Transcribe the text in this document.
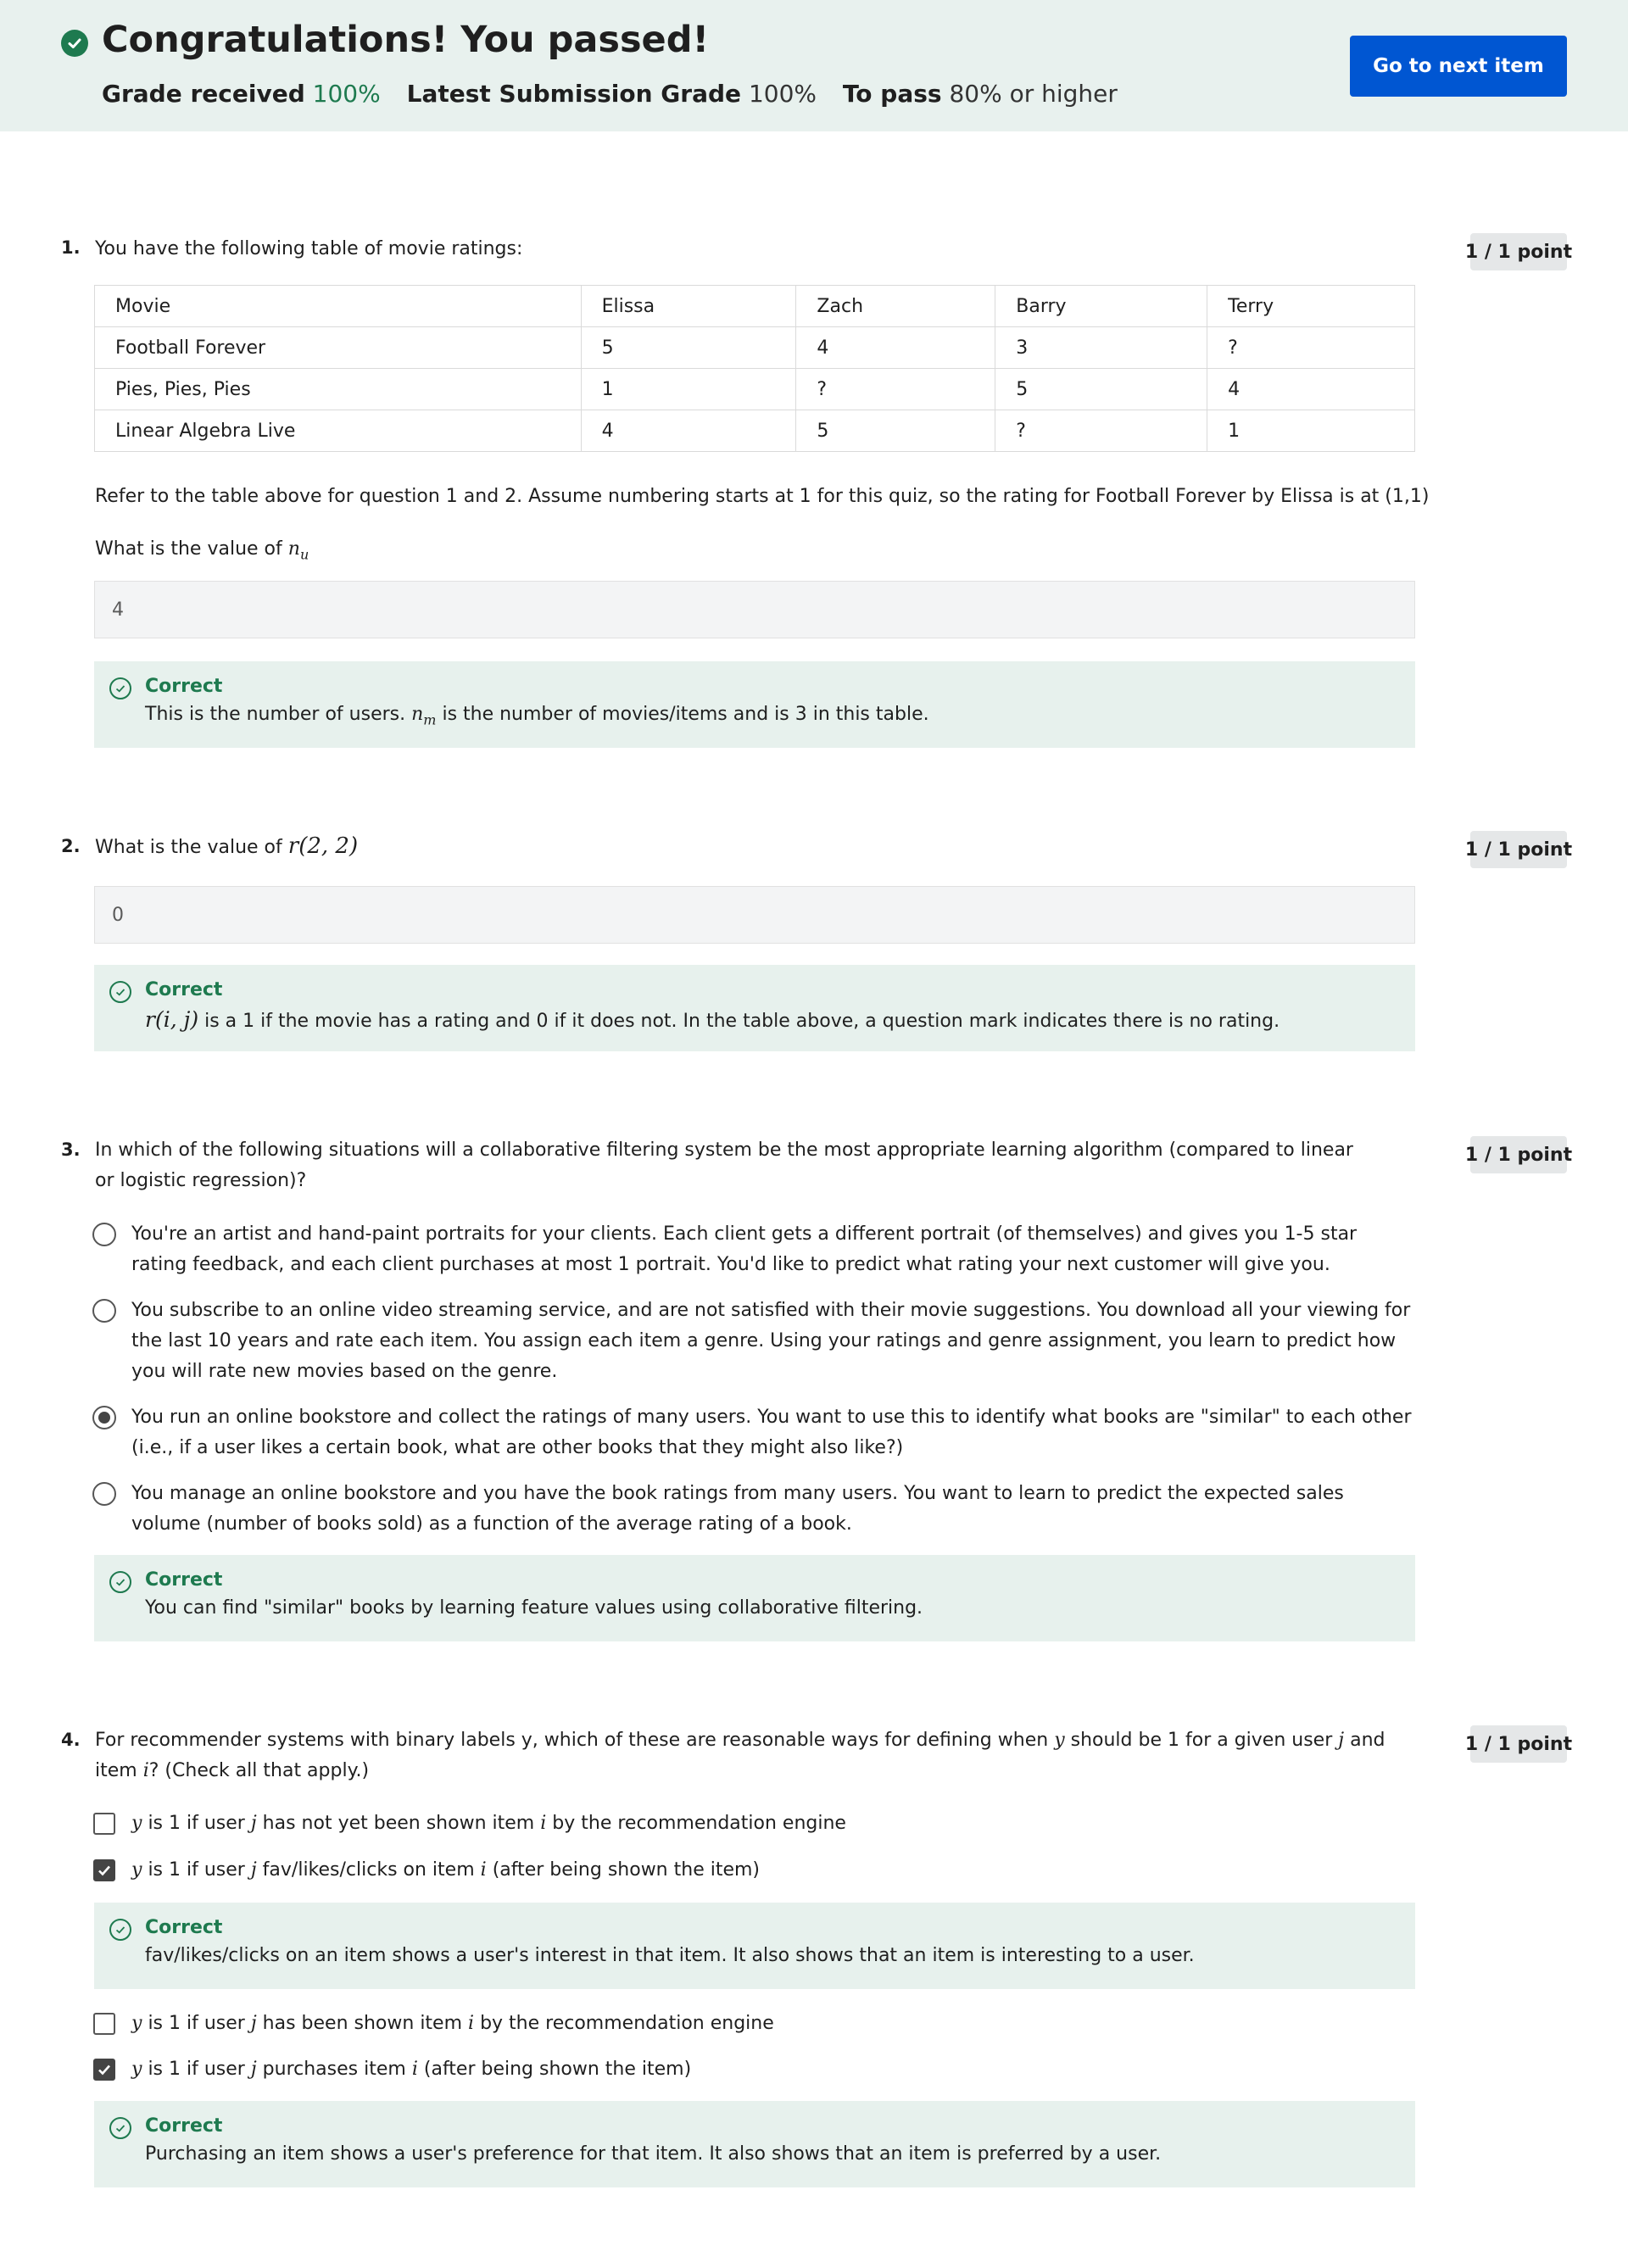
Congratulations! You passed!
Grade received 100% Latest Submission Grade 100% To pass 80% or higher
Go to next item
1. You have the following table of movie ratings:	1 / 1 point
Movie	Elissa	Zach	Barry	Terry
Football Forever	5	4	3	?
Pies, Pies, Pies	1	?	5	4
Linear Algebra Live	4	5	?	1
Refer to the table above for question 1 and 2. Assume numbering starts at 1 for this quiz, so the rating for Football Forever by Elissa is at (1,1)
What is the value of $n_u$
4
Correct
This is the number of users. $n_m$ is the number of movies/items and is 3 in this table.
2. What is the value of r(2, 2)	1 / 1 point
0
Correct
r(i, j) is a 1 if the movie has a rating and 0 if it does not. In the table above, a question mark indicates there is no rating.
3. In which of the following situations will a collaborative filtering system be the most appropriate learning algorithm (compared to linear or logistic regression)?
1 / 1 point
You're an artist and hand-paint portraits for your clients. Each client gets a different portrait (of themselves) and gives you 1-5 star rating feedback, and each client purchases at most 1 portrait. You'd like to predict what rating your next customer will give you.
You subscribe to an online video streaming service, and are not satisfied with their movie suggestions. You download all your viewing for the last 10 years and rate each item. You assign each item a genre. Using your ratings and genre assignment, you learn to predict how you will rate new movies based on the genre.
You run an online bookstore and collect the ratings of many users. You want to use this to identify what books are "similar" to each other (i.e., if a user likes a certain book, what are other books that they might also like?)
You manage an online bookstore and you have the book ratings from many users. You want to learn to predict the expected sales volume (number of books sold) as a function of the average rating of a book.
Correct
You can find "similar" books by learning feature values using collaborative filtering.
4. For recommender systems with binary labels y, which of these are reasonable ways for defining when y should be 1 for a given user j and item i? (Check all that apply.)
1 / 1 point
y is 1 if user j has not yet been shown item i by the recommendation engine
y is 1 if user j fav/likes/clicks on item i (after being shown the item)
Correct
fav/likes/clicks on an item shows a user's interest in that item. It also shows that an item is interesting to a user.
y is 1 if user j has been shown item i by the recommendation engine
y is 1 if user j purchases item i (after being shown the item)
Correct
Purchasing an item shows a user's preference for that item. It also shows that an item is preferred by a user.
